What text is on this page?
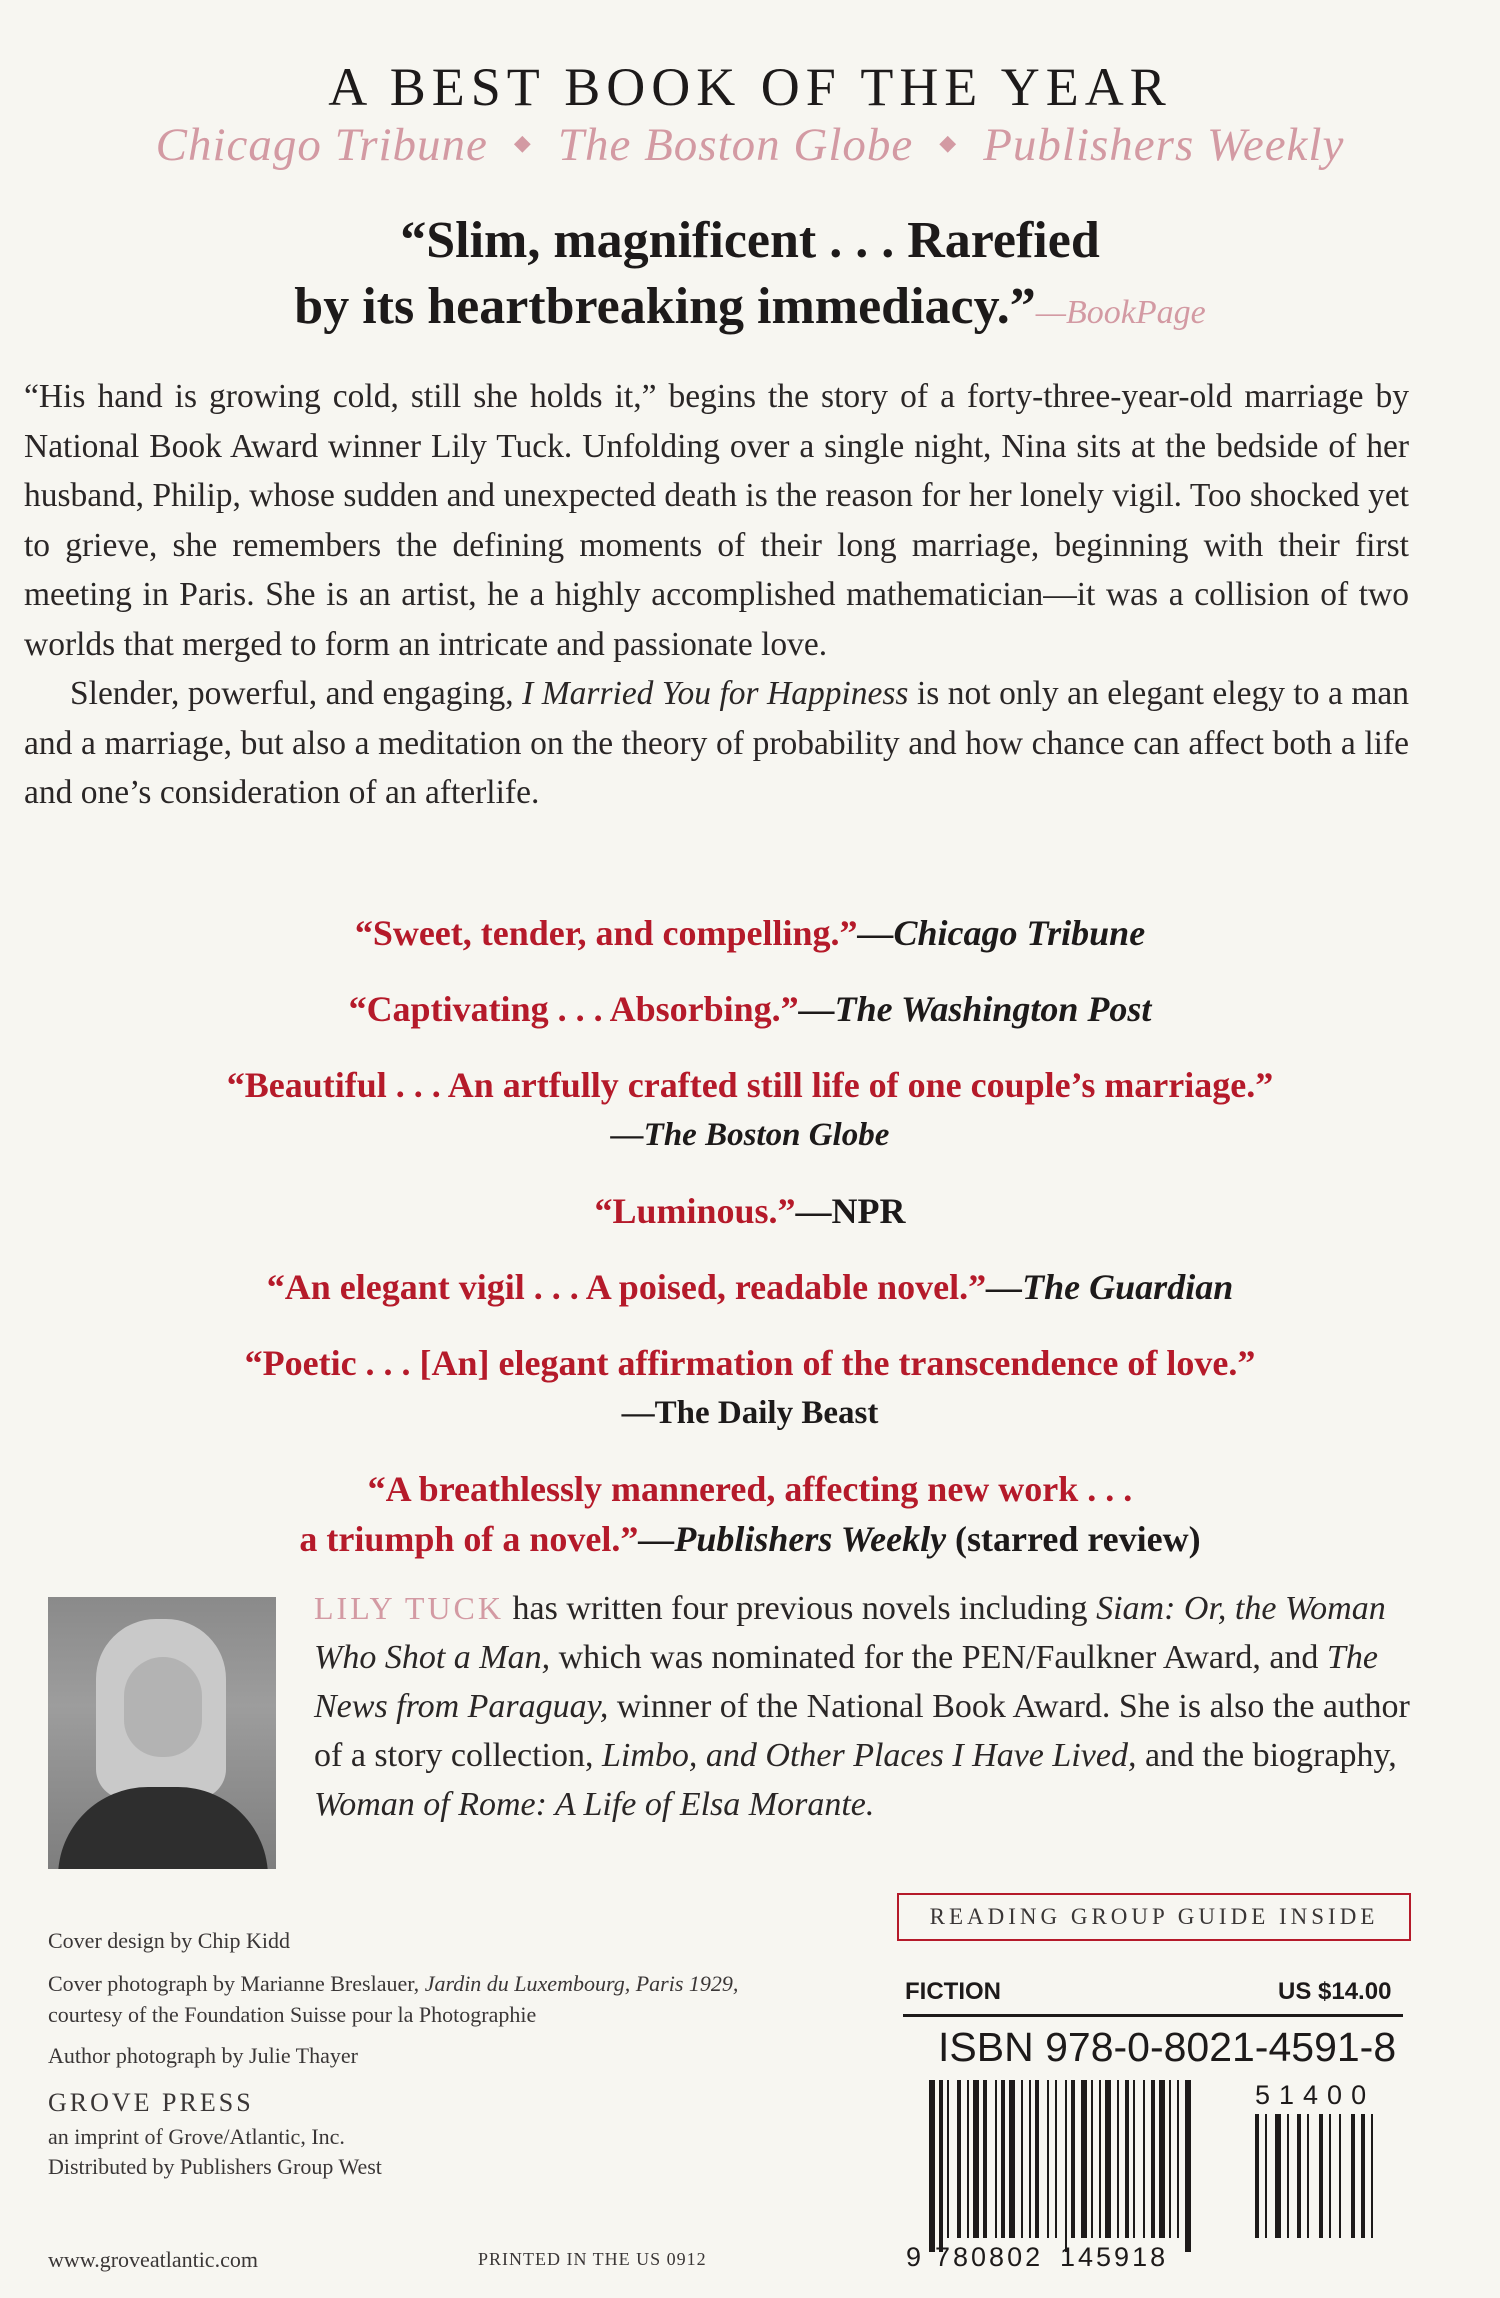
A BEST BOOK OF THE YEAR
Chicago Tribune ◆ The Boston Globe ◆ Publishers Weekly
“Slim, magnificent . . . Rarefied
by its heartbreaking immediacy.”—BookPage

“His hand is growing cold, still she holds it,” begins the story of a forty-three-year-old marriage by National Book Award winner Lily Tuck. Unfolding over a single night, Nina sits at the bedside of her husband, Philip, whose sudden and unexpected death is the reason for her lonely vigil. Too shocked yet to grieve, she remembers the defining moments of their long marriage, beginning with their first meeting in Paris. She is an artist, he a highly accomplished mathematician—it was a collision of two worlds that merged to form an intricate and passionate love.

Slender, powerful, and engaging, I Married You for Happiness is not only an elegant elegy to a man and a marriage, but also a meditation on the theory of probability and how chance can affect both a life and one’s consideration of an afterlife.

“Sweet, tender, and compelling.”—Chicago Tribune
“Captivating . . . Absorbing.”—The Washington Post
“Beautiful . . . An artfully crafted still life of one couple’s marriage.”
—The Boston Globe
“Luminous.”—NPR
“An elegant vigil . . . A poised, readable novel.”—The Guardian
“Poetic . . . [An] elegant affirmation of the transcendence of love.”
—The Daily Beast
“A breathlessly mannered, affecting new work . . .
a triumph of a novel.”—Publishers Weekly (starred review)
LILY TUCK has written four previous novels including Siam: Or, the Woman Who Shot a Man, which was nominated for the PEN/Faulkner Award, and The News from Paraguay, winner of the National Book Award. She is also the author of a story collection, Limbo, and Other Places I Have Lived, and the biography, Woman of Rome: A Life of Elsa Morante.
Cover design by Chip Kidd
Cover photograph by Marianne Breslauer, Jardin du Luxembourg, Paris 1929, courtesy of the Foundation Suisse pour la Photographie
Author photograph by Julie Thayer
GROVE PRESS
an imprint of Grove/Atlantic, Inc.
Distributed by Publishers Group West
www.groveatlantic.com	PRINTED IN THE US 0912
READING GROUP GUIDE INSIDE
FICTION	US $14.00
ISBN 978-0-8021-4591-8
9 780802 145918
51400
